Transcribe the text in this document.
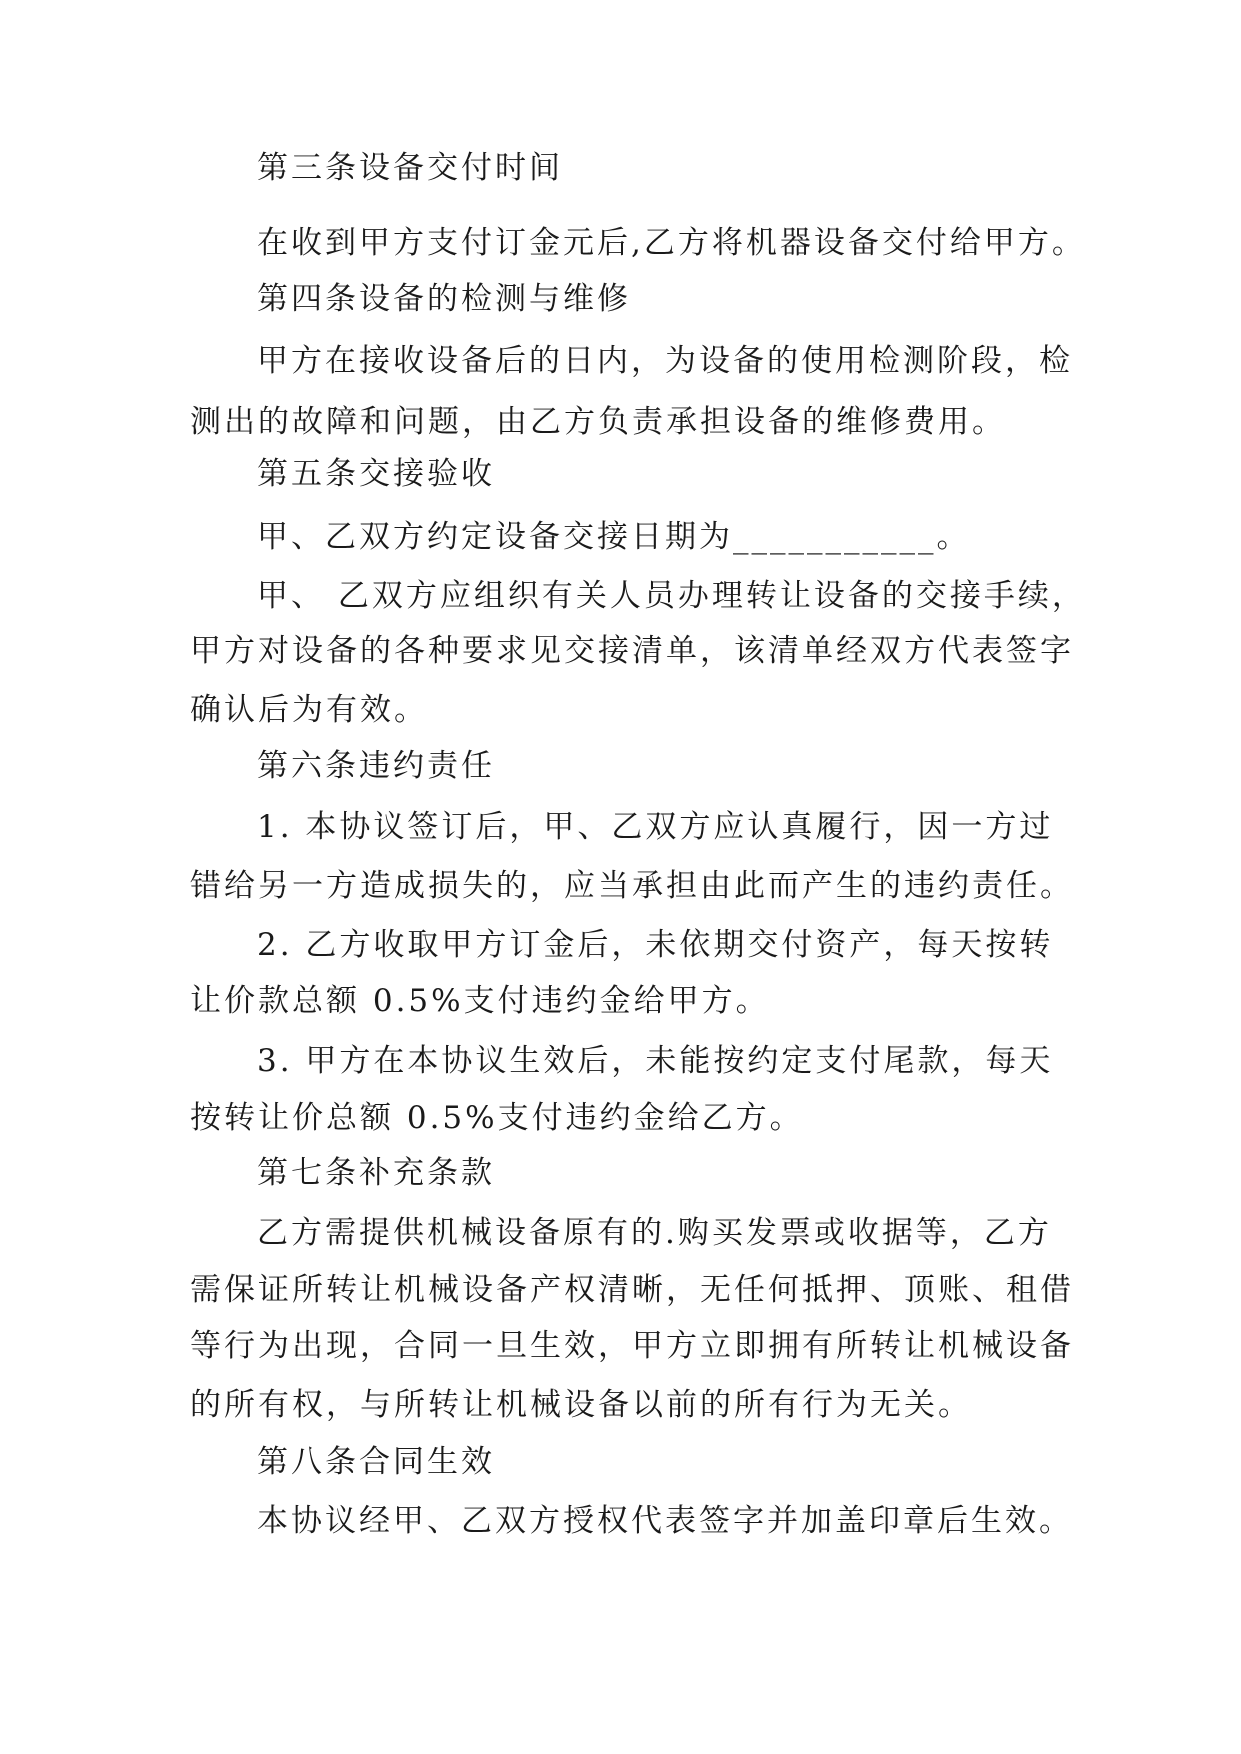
第三条设备交付时间
在收到甲方支付订金元后,乙方将机器设备交付给甲方。
第四条设备的检测与维修
甲方在接收设备后的日内，为设备的使用检测阶段，检
测出的故障和问题，由乙方负责承担设备的维修费用。
第五条交接验收
甲、乙双方约定设备交接日期为___________。
甲、 乙双方应组织有关人员办理转让设备的交接手续，
甲方对设备的各种要求见交接清单，该清单经双方代表签字
确认后为有效。
第六条违约责任
1. 本协议签订后，甲、乙双方应认真履行，因一方过
错给另一方造成损失的，应当承担由此而产生的违约责任。
2. 乙方收取甲方订金后，未依期交付资产，每天按转
让价款总额 0.5%支付违约金给甲方。
3. 甲方在本协议生效后，未能按约定支付尾款，每天
按转让价总额 0.5%支付违约金给乙方。
第七条补充条款
乙方需提供机械设备原有的.购买发票或收据等，乙方
需保证所转让机械设备产权清晰，无任何抵押、顶账、租借
等行为出现，合同一旦生效，甲方立即拥有所转让机械设备
的所有权，与所转让机械设备以前的所有行为无关。
第八条合同生效
本协议经甲、乙双方授权代表签字并加盖印章后生效。
